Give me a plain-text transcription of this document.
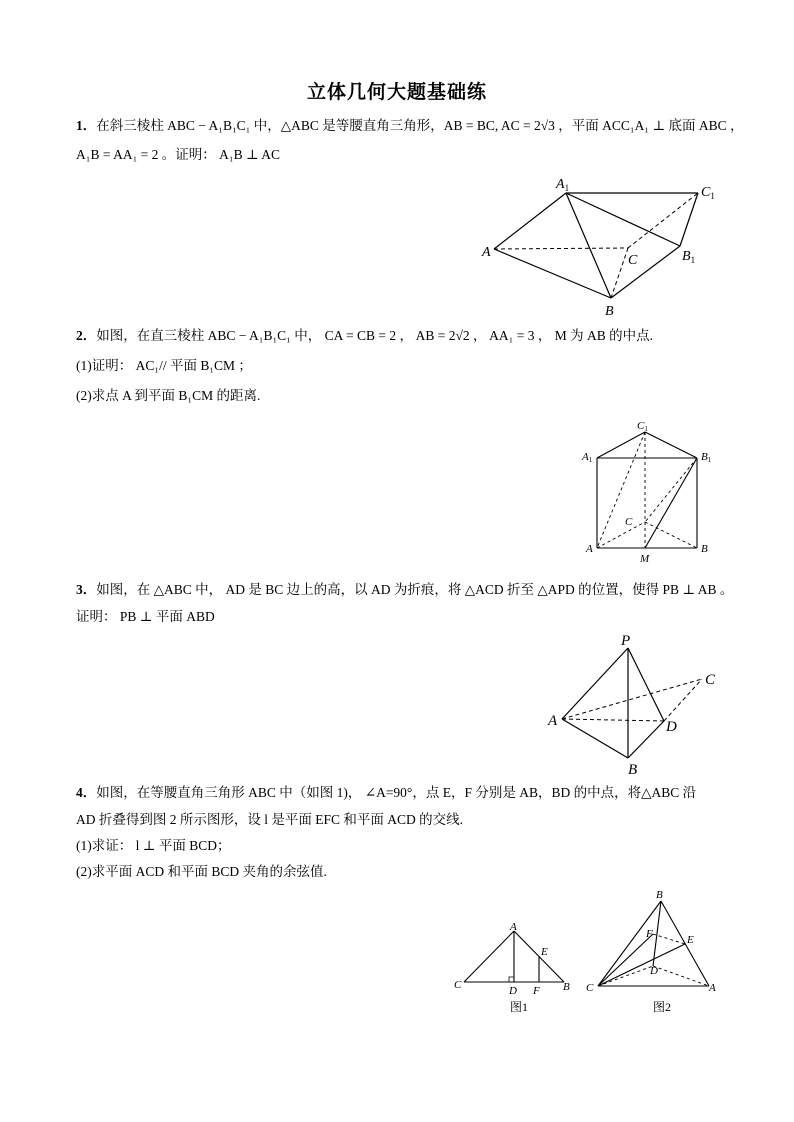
立体几何大题基础练
1．在斜三棱柱 ABC − A₁B₁C₁ 中，△ABC 是等腰直角三角形，AB = BC, AC = 2√3 ，平面 ACC₁A₁ ⊥ 底面 ABC ，
A₁B = AA₁ = 2 。证明： A₁B ⊥ AC
$A_1$	$C_1$
A
C	$B_1$
B
2．如图，在直三棱柱 ABC − A₁B₁C₁ 中， CA = CB = 2 ， AB = 2√2 ， AA₁ = 3 ， M 为 AB 的中点.
(1)证明： AC₁// 平面 B₁CM ；
(2)求点 A 到平面 B₁CM 的距离.
C1
A1	B1
C
A
M
B
3．如图，在 △ABC 中， AD 是 BC 边上的高，以 AD 为折痕，将 △ACD 折至 △APD 的位置，使得 PB ⊥ AB 。
证明： PB ⊥ 平面 ABD
P
C
A	D
B
4．如图，在等腰直角三角形 ABC 中（如图 1)， ∠A=90°，点 E，F 分别是 AB，BD 的中点，将△ABC 沿
AD 折叠得到图 2 所示图形，设 l 是平面 EFC 和平面 ACD 的交线.
(1)求证： l ⊥ 平面 BCD；
(2)求平面 ACD 和平面 BCD 夹角的余弦值.
A
E
C	D F B
图1
B
F	E
D
C	A
图2
